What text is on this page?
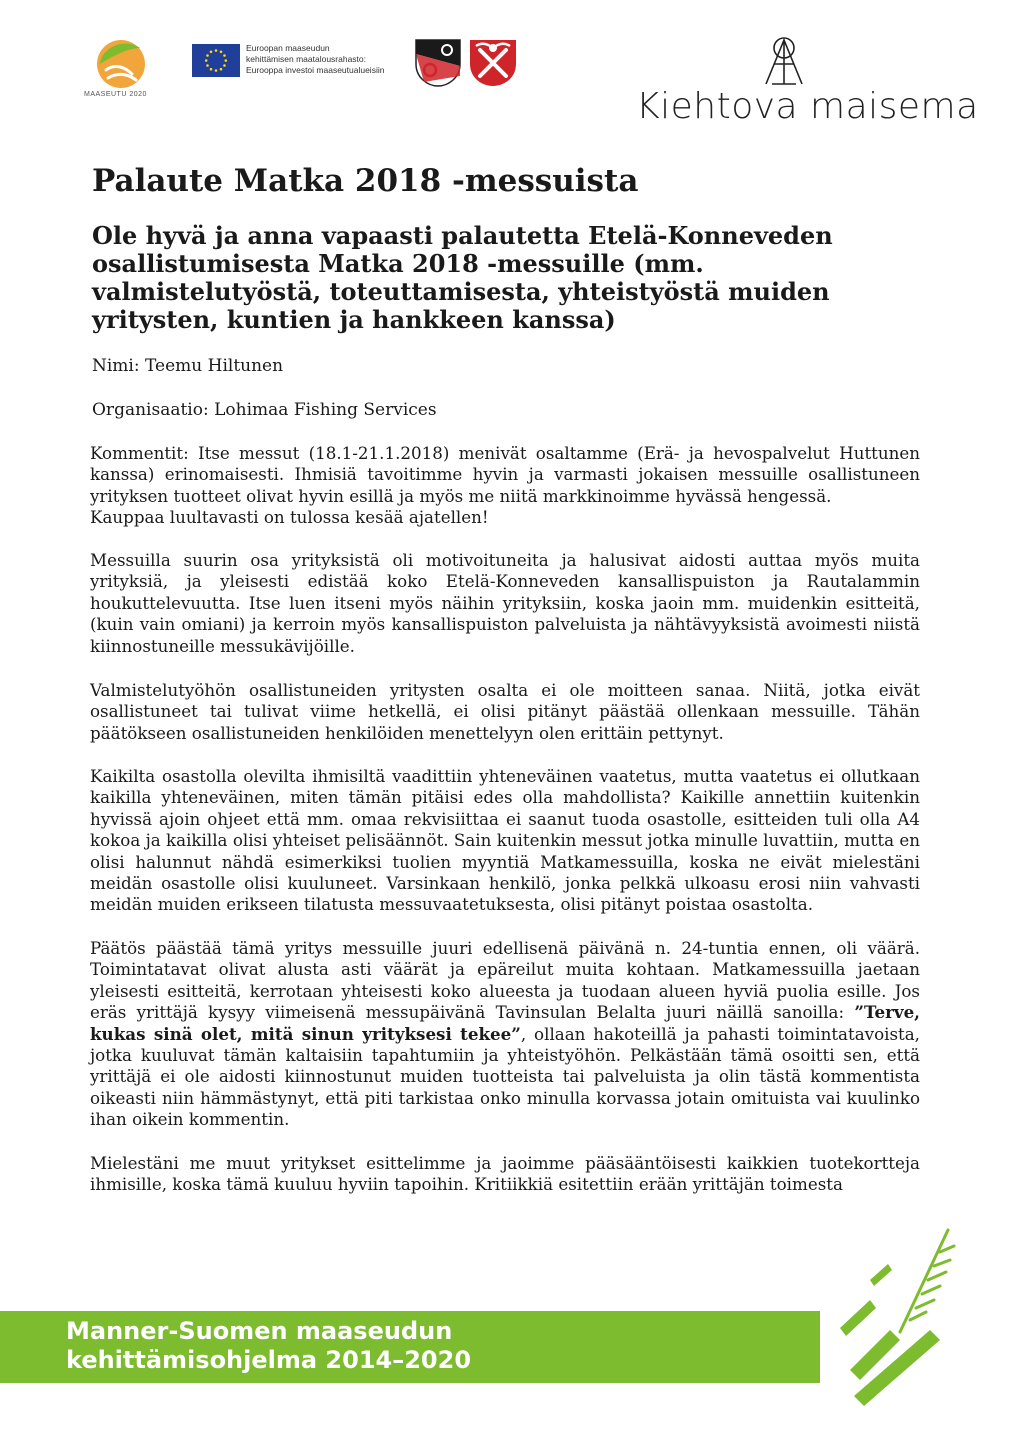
MAASEUTU 2020
Euroopan maaseudun
kehittämisen maatalousrahasto:
Eurooppa investoi maaseutualueisiin
Kiehtova maisema
Palaute Matka 2018 -messuista

Ole hyvä ja anna vapaasti palautetta Etelä-Konneveden osallistumisesta Matka 2018 -messuille (mm. valmistelutyöstä, toteuttamisesta, yhteistyöstä muiden yritysten, kuntien ja hankkeen kanssa)

Nimi: Teemu Hiltunen
Organisaatio: Lohimaa Fishing Services
Kommentit: Itse messut (18.1-21.1.2018) menivät osaltamme (Erä- ja hevospalvelut Huttunen kanssa) erinomaisesti. Ihmisiä tavoitimme hyvin ja varmasti jokaisen messuille osallistuneen yrityksen tuotteet olivat hyvin esillä ja myös me niitä markkinoimme hyvässä hengessä.
Kauppaa luultavasti on tulossa kesää ajatellen!

Messuilla suurin osa yrityksistä oli motivoituneita ja halusivat aidosti auttaa myös muita yrityksiä, ja yleisesti edistää koko Etelä-Konneveden kansallispuiston ja Rautalammin houkuttelevuutta. Itse luen itseni myös näihin yrityksiin, koska jaoin mm. muidenkin esitteitä, (kuin vain omiani) ja kerroin myös kansallispuiston palveluista ja nähtävyyksistä avoimesti niistä kiinnostuneille messukävijöille.

Valmistelutyöhön osallistuneiden yritysten osalta ei ole moitteen sanaa. Niitä, jotka eivät osallistuneet tai tulivat viime hetkellä, ei olisi pitänyt päästää ollenkaan messuille. Tähän päätökseen osallistuneiden henkilöiden menettelyyn olen erittäin pettynyt.

Kaikilta osastolla olevilta ihmisiltä vaadittiin yhteneväinen vaatetus, mutta vaatetus ei ollutkaan kaikilla yhteneväinen, miten tämän pitäisi edes olla mahdollista? Kaikille annettiin kuitenkin hyvissä ajoin ohjeet että mm. omaa rekvisiittaa ei saanut tuoda osastolle, esitteiden tuli olla A4 kokoa ja kaikilla olisi yhteiset pelisäännöt. Sain kuitenkin messut jotka minulle luvattiin, mutta en olisi halunnut nähdä esimerkiksi tuolien myyntiä Matkamessuilla, koska ne eivät mielestäni meidän osastolle olisi kuuluneet. Varsinkaan henkilö, jonka pelkkä ulkoasu erosi niin vahvasti meidän muiden erikseen tilatusta messuvaatetuksesta, olisi pitänyt poistaa osastolta.

Päätös päästää tämä yritys messuille juuri edellisenä päivänä n. 24-tuntia ennen, oli väärä. Toimintatavat olivat alusta asti väärät ja epäreilut muita kohtaan. Matkamessuilla jaetaan yleisesti esitteitä, kerrotaan yhteisesti koko alueesta ja tuodaan alueen hyviä puolia esille. Jos eräs yrittäjä kysyy viimeisenä messupäivänä Tavinsulan Belalta juuri näillä sanoilla: ”Terve, kukas sinä olet, mitä sinun yrityksesi tekee”, ollaan hakoteillä ja pahasti toimintatavoista, jotka kuuluvat tämän kaltaisiin tapahtumiin ja yhteistyöhön. Pelkästään tämä osoitti sen, että yrittäjä ei ole aidosti kiinnostunut muiden tuotteista tai palveluista ja olin tästä kommentista oikeasti niin hämmästynyt, että piti tarkistaa onko minulla korvassa jotain omituista vai kuulinko ihan oikein kommentin.

Mielestäni me muut yritykset esittelimme ja jaoimme pääsääntöisesti kaikkien tuotekortteja ihmisille, koska tämä kuuluu hyviin tapoihin. Kritiikkiä esitettiin erään yrittäjän toimesta

Manner-Suomen maaseudun
kehittämisohjelma 2014–2020
